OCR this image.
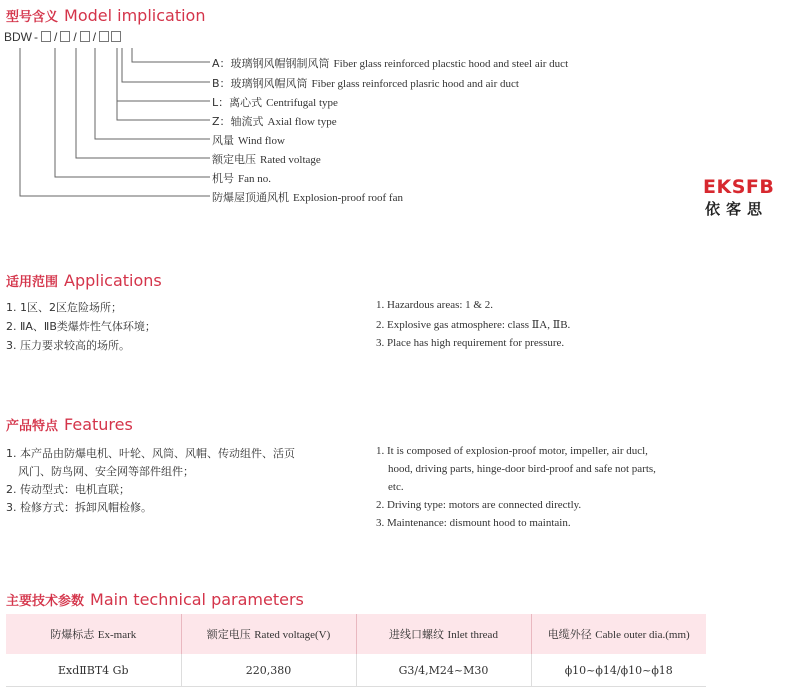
型号含义 Model implication
BDW - / / /
A：玻璃钢风帽钢制风筒 Fiber glass reinforced placstic hood and steel air duct
B：玻璃钢风帽风筒 Fiber glass reinforced plasric hood and air duct
L：离心式 Centrifugal type
Z：轴流式 Axial flow type
风量 Wind flow
额定电压 Rated voltage
机号 Fan no.
防爆屋顶通风机 Explosion-proof roof fan	EKSFB
依客思
适用范围 Applications
1. 1区、2区危险场所；
2. ⅡA、ⅡB类爆炸性气体环境；
3. 压力要求较高的场所。
1. Hazardous areas: 1 & 2.
2. Explosive gas atmosphere: class ⅡA, ⅡB.
3. Place has high requirement for pressure.
产品特点 Features
1. 本产品由防爆电机、叶轮、风筒、风帽、传动组件、活页
风门、防鸟网、安全网等部件组件；
2. 传动型式：电机直联；
3. 检修方式：拆卸风帽检修。
1. It is composed of explosion-proof motor, impeller, air ducl,
hood, driving parts, hinge-door bird-proof and safe not parts,
etc.
2. Driving type: motors are connected directly.
3. Maintenance: dismount hood to maintain.
主要技术参数 Main technical parameters
防爆标志 Ex-mark	额定电压 Rated voltage(V)	进线口螺纹 Inlet thread	电缆外径 Cable outer dia.(mm)
ExdⅡBT4 Gb	220,380	G3/4,M24~M30	ϕ10~ϕ14/ϕ10~ϕ18
